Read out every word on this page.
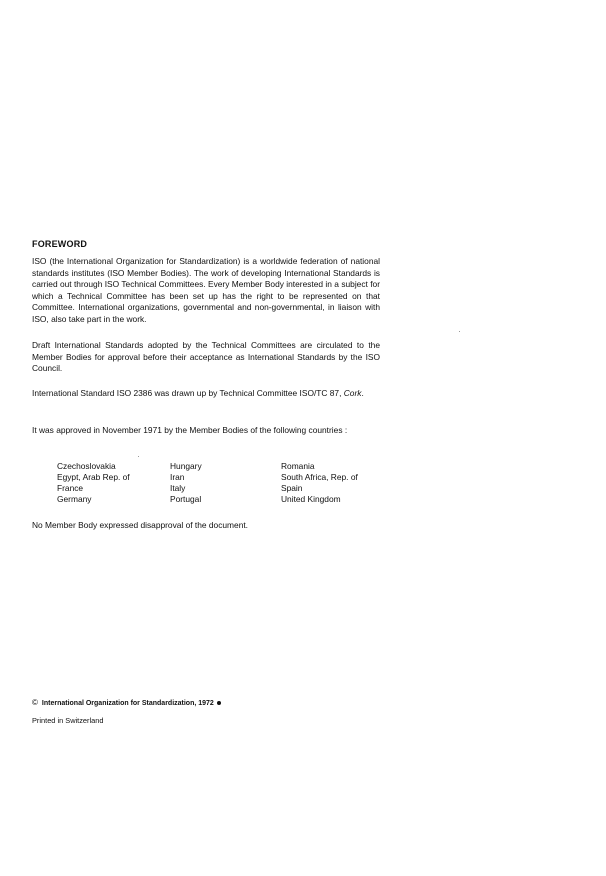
FOREWORD

ISO (the International Organization for Standardization) is a worldwide federation of national standards institutes (ISO Member Bodies). The work of developing International Standards is carried out through ISO Technical Committees. Every Member Body interested in a subject for which a Technical Committee has been set up has the right to be represented on that Committee. International organizations, governmental and non-governmental, in liaison with ISO, also take part in the work.

Draft International Standards adopted by the Technical Committees are circulated to the Member Bodies for approval before their acceptance as International Standards by the ISO Council.

International Standard ISO 2386 was drawn up by Technical Committee ISO/TC 87, Cork.

It was approved in November 1971 by the Member Bodies of the following countries :

Czechoslovakia
Egypt, Arab Rep. of
France
Germany
Hungary
Iran
Italy
Portugal
Romania
South Africa, Rep. of
Spain
United Kingdom

No Member Body expressed disapproval of the document.

© International Organization for Standardization, 1972
Printed in Switzerland
